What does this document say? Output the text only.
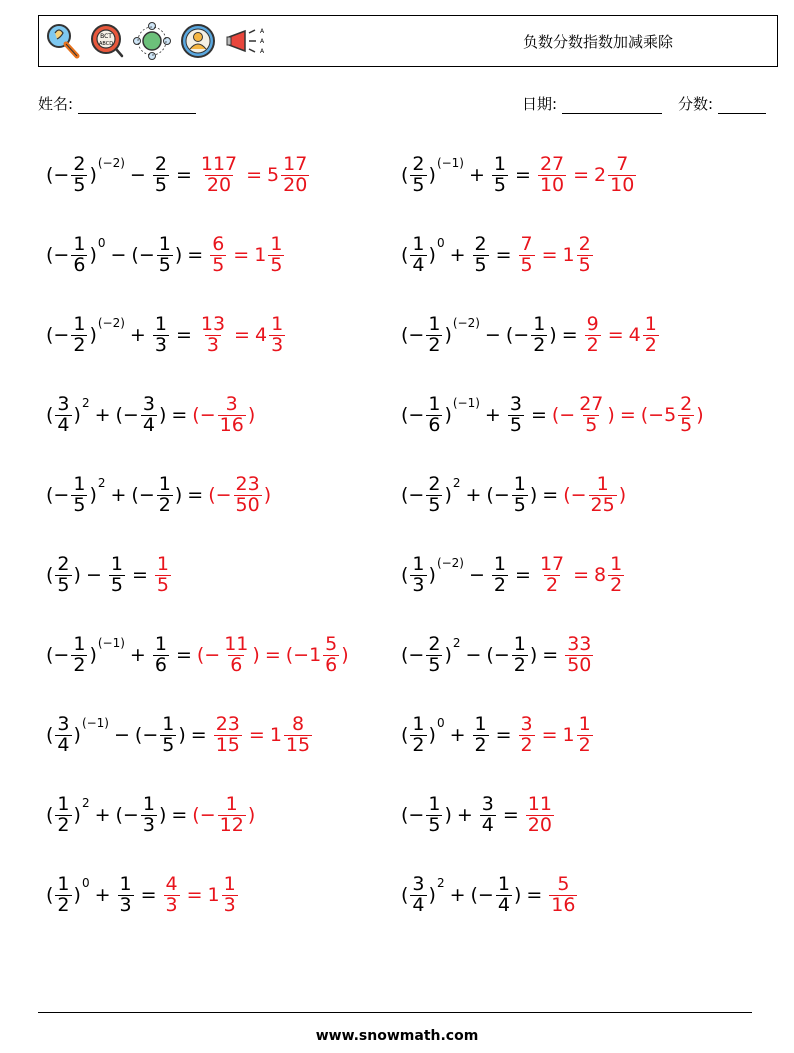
BCT
ABCD
A
A
A
负数分数指数加减乘除
姓名:	日期:	分数:
( − $\frac{2}{5}$ )
(−2)
− $\frac{2}{5} = \frac{117}{20} = 5 \frac{17}{20}$	( $\frac{2}{5}$ )
(−1)
+ $\frac{1}{5} = \frac{27}{10} = 2 \frac{7}{10}$
( − $\frac{1}{6}$ )
0
− ( − $\frac{1}{5}$ ) = $\frac{6}{5} = 1 \frac{1}{5}$	( $\frac{1}{4}$ )
0
+ $\frac{2}{5} = \frac{7}{5} = 1 \frac{2}{5}$
( − $\frac{1}{2}$ )
(−2)
+ $\frac{1}{3} = \frac{13}{3} = 4 \frac{1}{3}$	( − $\frac{1}{2}$ )
(−2)
− ( − $\frac{1}{2}$ ) = $\frac{9}{2} = 4 \frac{1}{2}$
( $\frac{3}{4}$ )
2
+ ( − $\frac{3}{4}$ ) = ( − $\frac{3}{16}$ )	( − $\frac{1}{6}$ )
(−1)
+ $\frac{3}{5}$ = ( − $\frac{27}{5}$ ) = ( $-5 \frac{2}{5}$ )
( − $\frac{1}{5}$ )
2
+ ( − $\frac{1}{2}$ ) = ( − $\frac{23}{50}$ )	( − $\frac{2}{5}$ )
2
+ ( − $\frac{1}{5}$ ) = ( − $\frac{1}{25}$ )
( $\frac{2}{5}$ ) − $\frac{1}{5} = \frac{1}{5}$	( $\frac{1}{3}$ )
(−2)
− $\frac{1}{2} = \frac{17}{2} = 8 \frac{1}{2}$
( − $\frac{1}{2}$ )
(−1)
+ $\frac{1}{6}$ = ( − $\frac{11}{6}$ ) = ( $-1 \frac{5}{6}$ )	( − $\frac{2}{5}$ )
2
− ( − $\frac{1}{2}$ ) = $\frac{33}{50}$
( $\frac{3}{4}$ )
(−1)
− ( − $\frac{1}{5}$ ) = $\frac{23}{15} = 1 \frac{8}{15}$	( $\frac{1}{2}$ )
0
+ $\frac{1}{2} = \frac{3}{2} = 1 \frac{1}{2}$
( $\frac{1}{2}$ )
2
+ ( − $\frac{1}{3}$ ) = ( − $\frac{1}{12}$ )	( − $\frac{1}{5}$ ) + $\frac{3}{4} = \frac{11}{20}$
( $\frac{1}{2}$ )
0
+ $\frac{1}{3} = \frac{4}{3} = 1 \frac{1}{3}$	( $\frac{3}{4}$ )
2
+ ( − $\frac{1}{4}$ ) = $\frac{5}{16}$
www.snowmath.com
